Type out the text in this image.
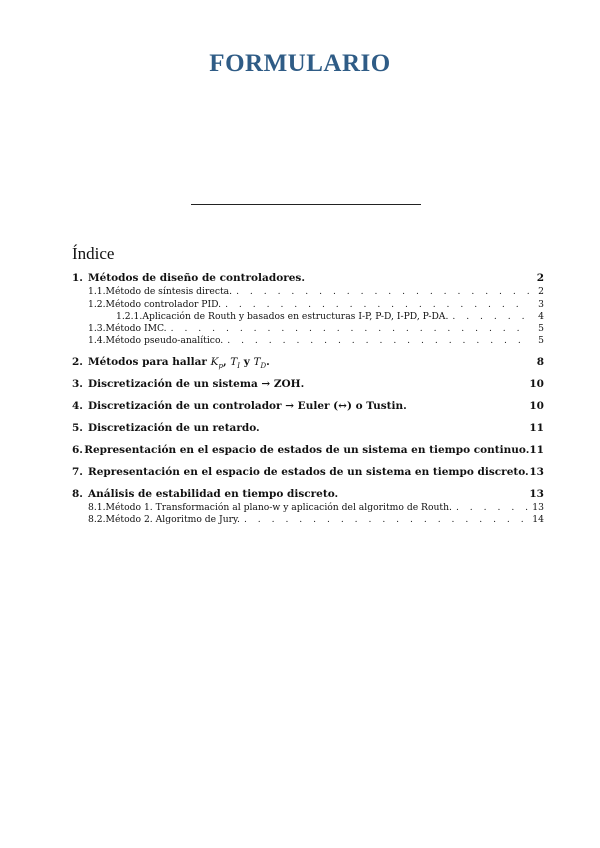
FORMULARIO
Índice
1. Métodos de diseño de controladores.	2
1.1. Método de síntesis directa. . . .	2
1.2. Método controlador PID. . . .	3
1.2.1. Aplicación de Routh y basados en estructuras I-P, P-D, I-PD, P-DA. . . .	4
1.3. Método IMC. . . .	5
1.4. Método pseudo-analítico. . . .	5
2. Métodos para hallar $K_p$, $T_I$ y $T_D$.	8
3. Discretización de un sistema → ZOH.	10
4. Discretización de un controlador → Euler (↔) o Tustin.	10
5. Discretización de un retardo.	11
6. Representación en el espacio de estados de un sistema en tiempo continuo. 11
7. Representación en el espacio de estados de un sistema en tiempo discreto. 13
8. Análisis de estabilidad en tiempo discreto.	13
8.1. Método 1. Transformación al plano-w y aplicación del algoritmo de Routh. . . .	13
8.2. Método 2. Algoritmo de Jury. . . .	14
